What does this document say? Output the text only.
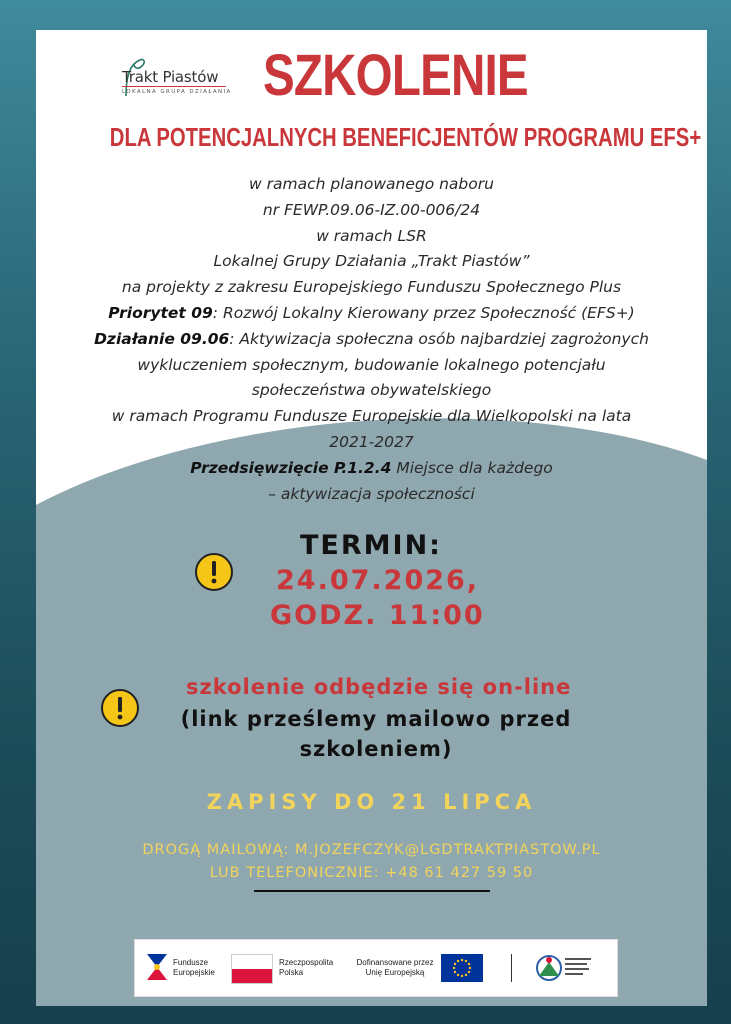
Trakt Piastów
LOKALNA GRUPA DZIAŁANIA SZKOLENIE
DLA POTENCJALNYCH BENEFICJENTÓW PROGRAMU EFS+
w ramach planowanego naboru
nr FEWP.09.06-IZ.00-006/24
w ramach LSR
Lokalnej Grupy Działania „Trakt Piastów”
na projekty z zakresu Europejskiego Funduszu Społecznego Plus
Priorytet 09: Rozwój Lokalny Kierowany przez Społeczność (EFS+)
Działanie 09.06: Aktywizacja społeczna osób najbardziej zagrożonych
wykluczeniem społecznym, budowanie lokalnego potencjału
społeczeństwa obywatelskiego
w ramach Programu Fundusze Europejskie dla Wielkopolski na lata
2021-2027
Przedsięwzięcie P.1.2.4 Miejsce dla każdego
– aktywizacja społeczności
TERMIN:
24.07.2026,
GODZ. 11:00
szkolenie odbędzie się on-line
(link prześlemy mailowo przed
szkoleniem)
ZAPISY DO 21 LIPCA
DROGĄ MAILOWĄ: M.JOZEFCZYK@LGDTRAKTPIASTOW.PL
LUB TELEFONICZNIE: +48 61 427 59 50
Fundusze
Europejskie
Rzeczpospolita
Polska
Dofinansowane przez
Unię Europejską
